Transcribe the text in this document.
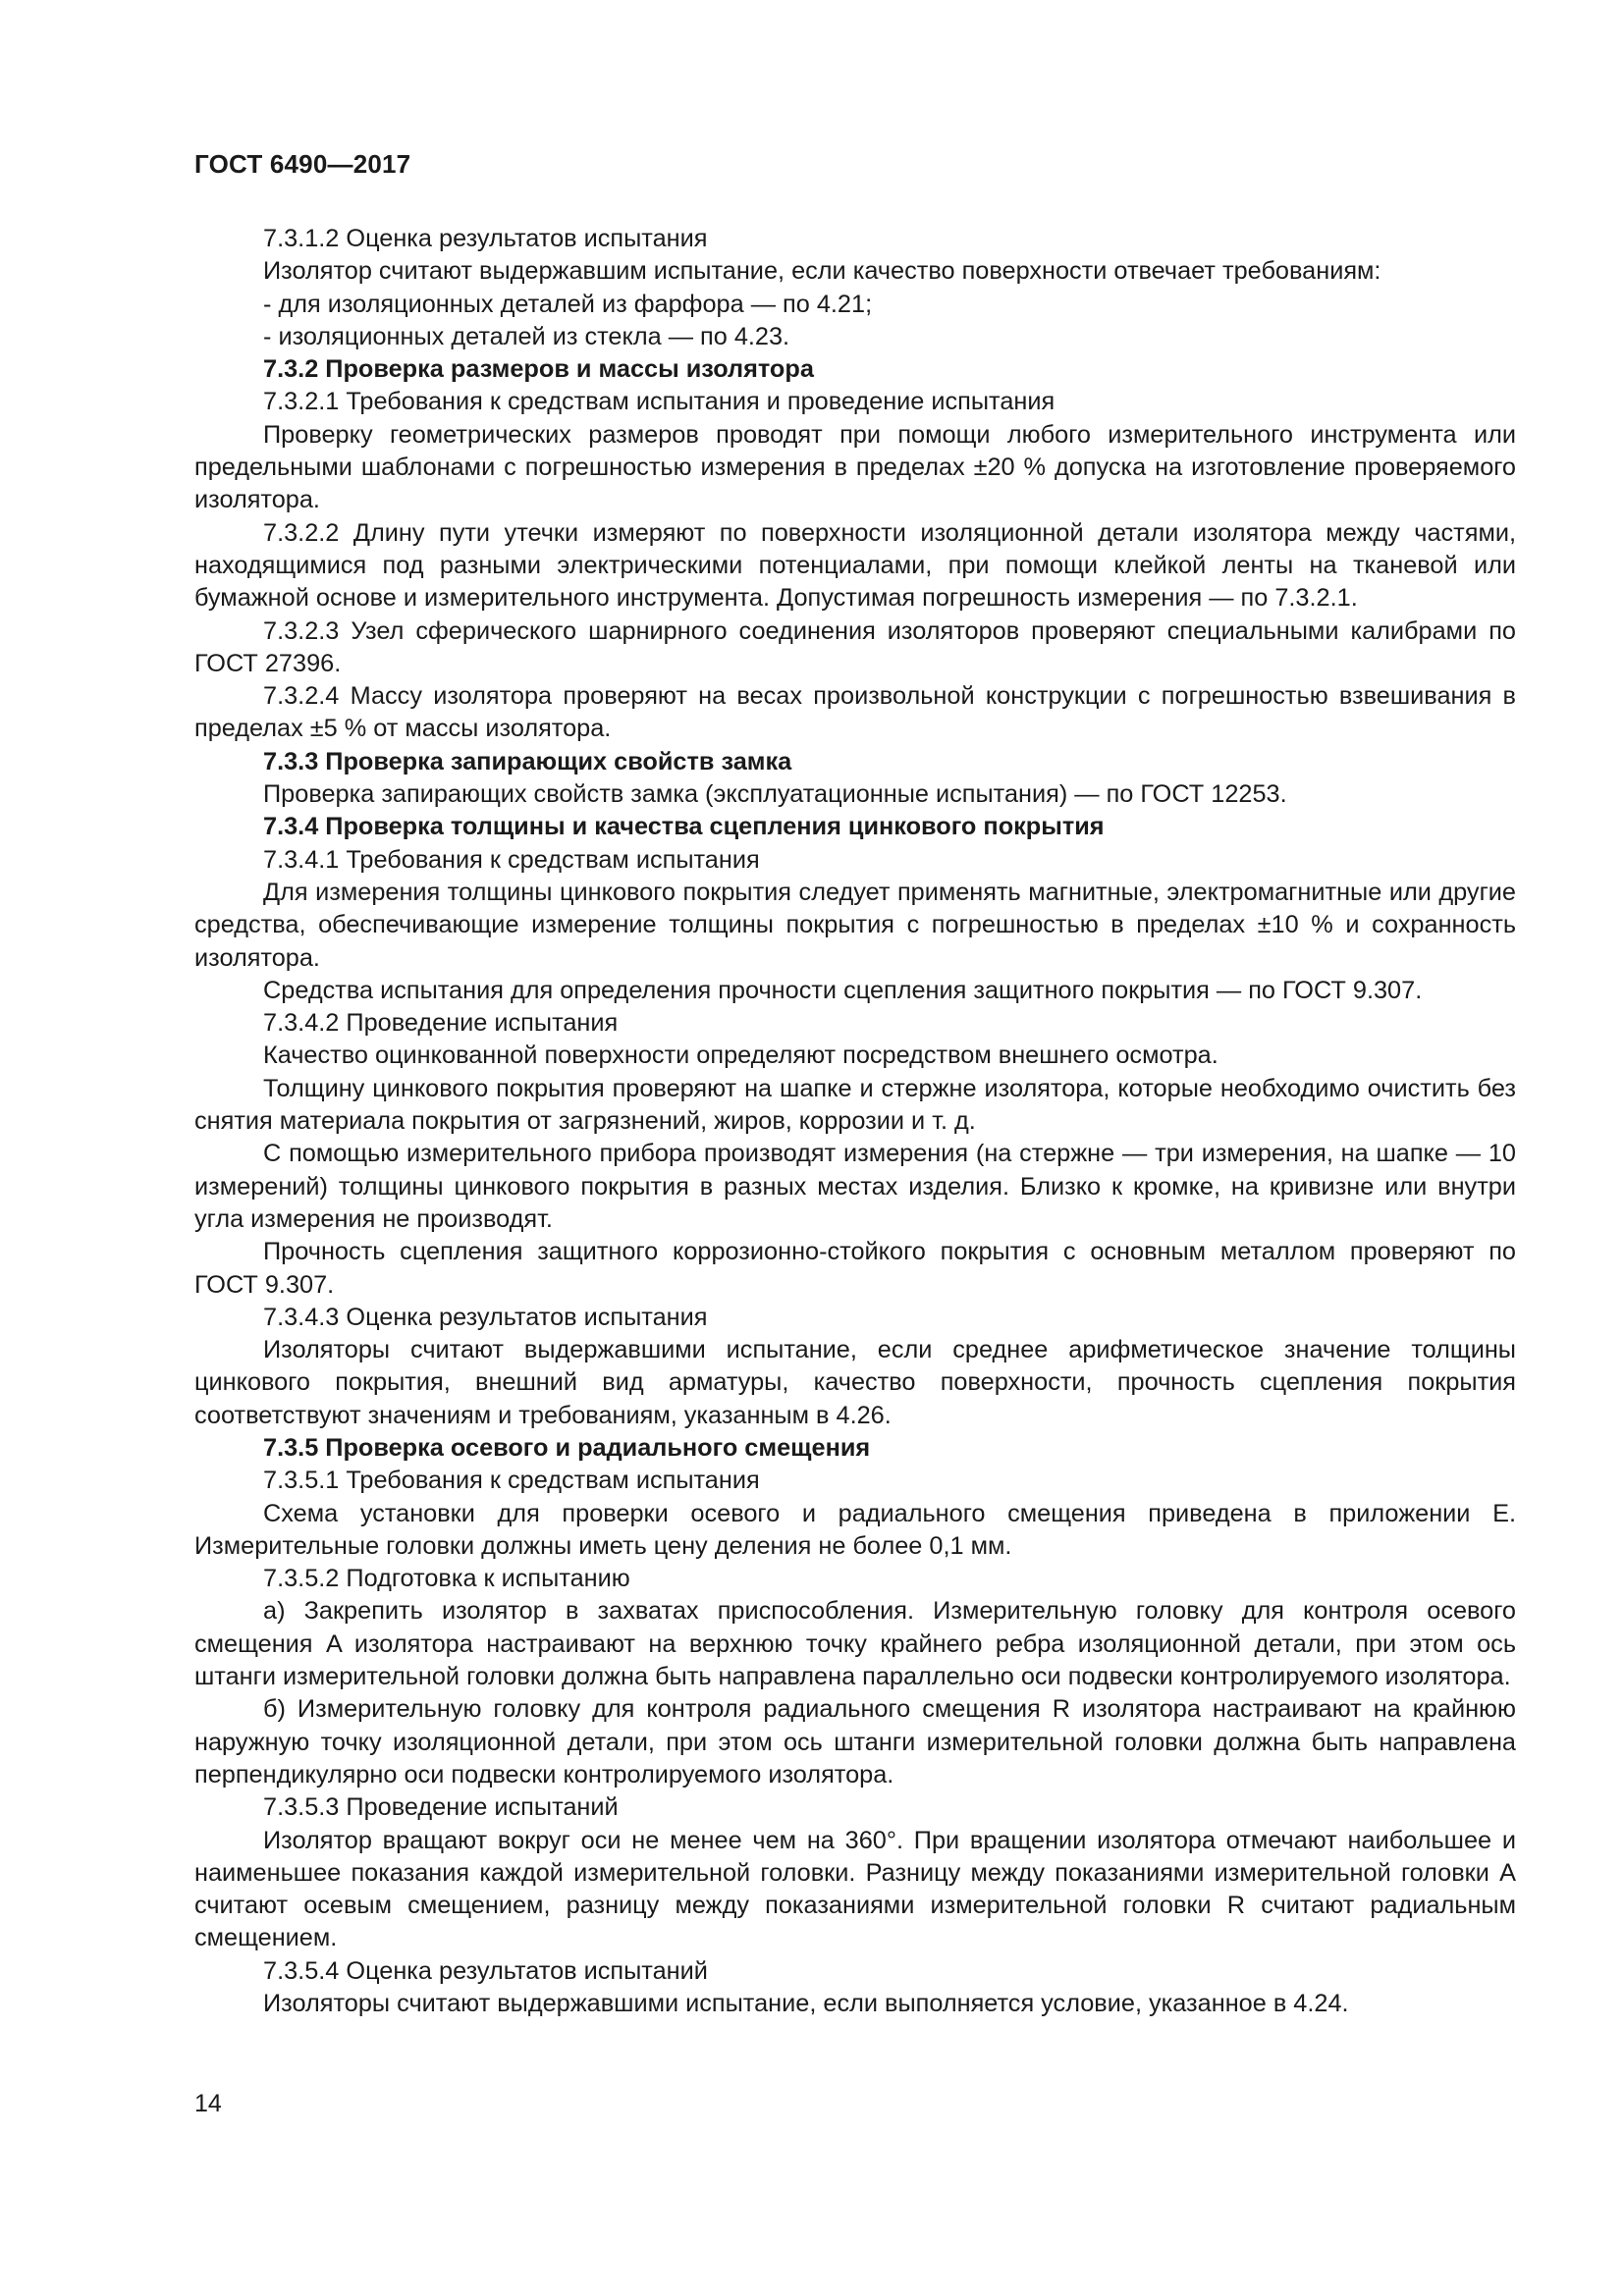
ГОСТ 6490—2017

7.3.1.2 Оценка результатов испытания

Изолятор считают выдержавшим испытание, если качество поверхности отвечает требованиям:

- для изоляционных деталей из фарфора — по 4.21;

- изоляционных деталей из стекла — по 4.23.

7.3.2 Проверка размеров и массы изолятора

7.3.2.1 Требования к средствам испытания и проведение испытания

Проверку геометрических размеров проводят при помощи любого измерительного инструмента или предельными шаблонами с погрешностью измерения в пределах ±20 % допуска на изготовление проверяемого изолятора.

7.3.2.2 Длину пути утечки измеряют по поверхности изоляционной детали изолятора между частями, находящимися под разными электрическими потенциалами, при помощи клейкой ленты на тканевой или бумажной основе и измерительного инструмента. Допустимая погрешность измерения — по 7.3.2.1.

7.3.2.3 Узел сферического шарнирного соединения изоляторов проверяют специальными калибрами по ГОСТ 27396.

7.3.2.4 Массу изолятора проверяют на весах произвольной конструкции с погрешностью взвешивания в пределах ±5 % от массы изолятора.

7.3.3 Проверка запирающих свойств замка

Проверка запирающих свойств замка (эксплуатационные испытания) — по ГОСТ 12253.

7.3.4 Проверка толщины и качества сцепления цинкового покрытия

7.3.4.1 Требования к средствам испытания

Для измерения толщины цинкового покрытия следует применять магнитные, электромагнитные или другие средства, обеспечивающие измерение толщины покрытия с погрешностью в пределах ±10 % и сохранность изолятора.

Средства испытания для определения прочности сцепления защитного покрытия — по ГОСТ 9.307.

7.3.4.2 Проведение испытания

Качество оцинкованной поверхности определяют посредством внешнего осмотра.

Толщину цинкового покрытия проверяют на шапке и стержне изолятора, которые необходимо очистить без снятия материала покрытия от загрязнений, жиров, коррозии и т. д.

С помощью измерительного прибора производят измерения (на стержне — три измерения, на шапке — 10 измерений) толщины цинкового покрытия в разных местах изделия. Близко к кромке, на кривизне или внутри угла измерения не производят.

Прочность сцепления защитного коррозионно-стойкого покрытия с основным металлом проверяют по ГОСТ 9.307.

7.3.4.3 Оценка результатов испытания

Изоляторы считают выдержавшими испытание, если среднее арифметическое значение толщины цинкового покрытия, внешний вид арматуры, качество поверхности, прочность сцепления покрытия соответствуют значениям и требованиям, указанным в 4.26.

7.3.5 Проверка осевого и радиального смещения

7.3.5.1 Требования к средствам испытания

Схема установки для проверки осевого и радиального смещения приведена в приложении Е. Измерительные головки должны иметь цену деления не более 0,1 мм.

7.3.5.2 Подготовка к испытанию

а) Закрепить изолятор в захватах приспособления. Измерительную головку для контроля осевого смещения A изолятора настраивают на верхнюю точку крайнего ребра изоляционной детали, при этом ось штанги измерительной головки должна быть направлена параллельно оси подвески контролируемого изолятора.

б) Измерительную головку для контроля радиального смещения R изолятора настраивают на крайнюю наружную точку изоляционной детали, при этом ось штанги измерительной головки должна быть направлена перпендикулярно оси подвески контролируемого изолятора.

7.3.5.3 Проведение испытаний

Изолятор вращают вокруг оси не менее чем на 360°. При вращении изолятора отмечают наибольшее и наименьшее показания каждой измерительной головки. Разницу между показаниями измерительной головки A считают осевым смещением, разницу между показаниями измерительной головки R считают радиальным смещением.

7.3.5.4 Оценка результатов испытаний

Изоляторы считают выдержавшими испытание, если выполняется условие, указанное в 4.24.

14
